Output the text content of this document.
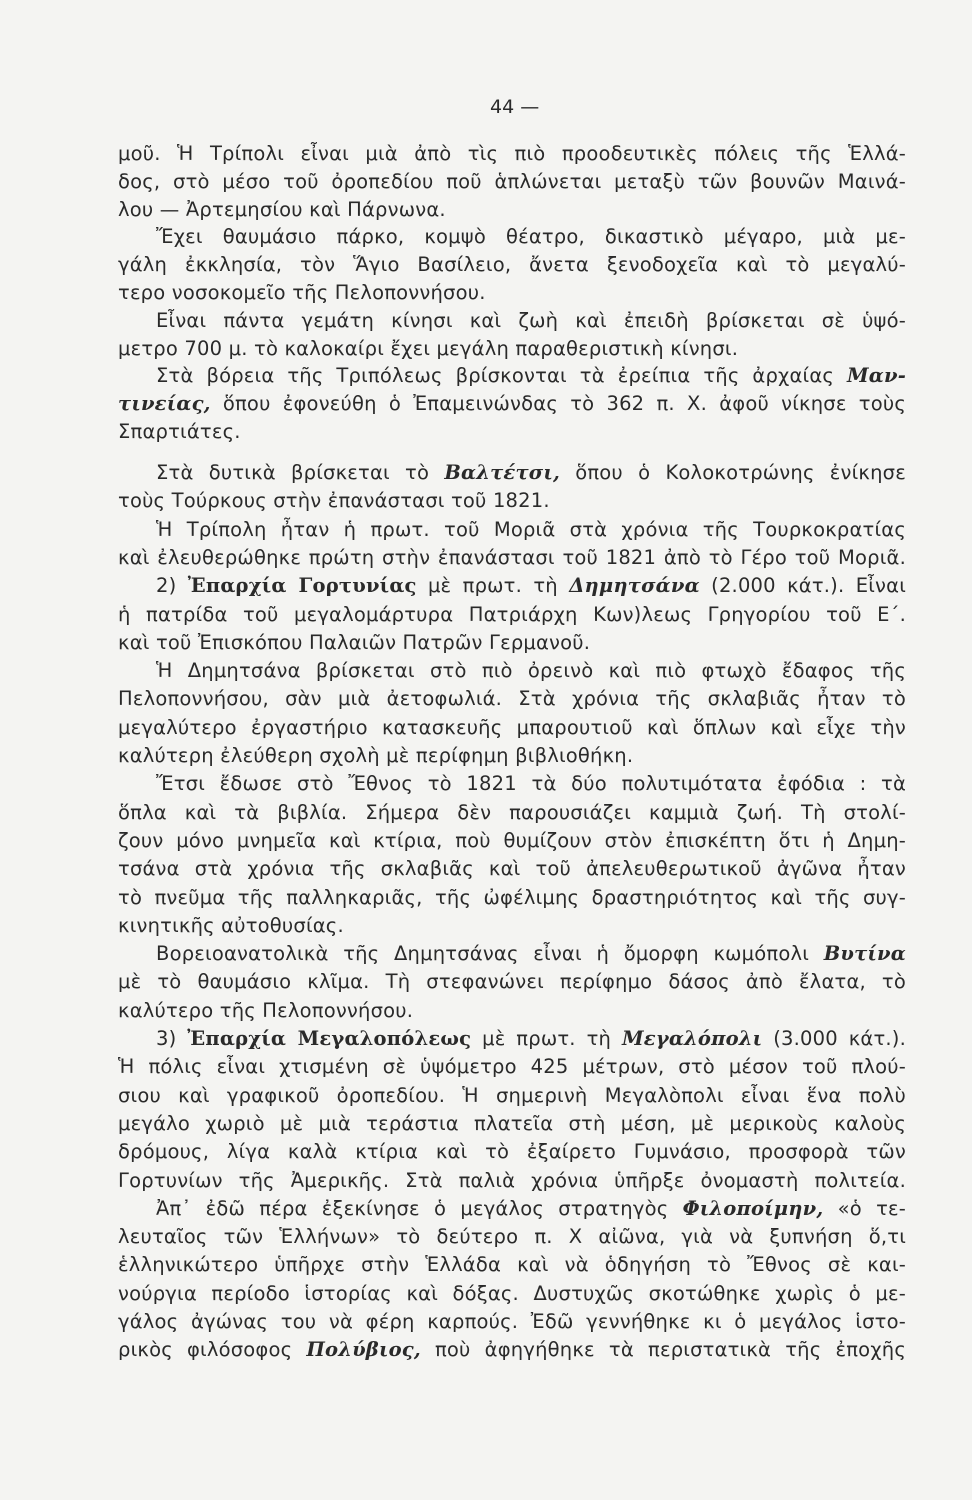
44 —
μοῦ. Ἡ Τρίπολι εἶναι μιὰ ἀπὸ τὶς πιὸ προοδευτικὲς πόλεις τῆς Ἑλλά-
δος, στὸ μέσο τοῦ ὀροπεδίου ποῦ ἁπλώνεται μεταξὺ τῶν βουνῶν Μαινά-
λου — Ἀρτεμησίου καὶ Πάρνωνα.
Ἔχει θαυμάσιο πάρκο, κομψὸ θέατρο, δικαστικὸ μέγαρο, μιὰ με-
γάλη ἐκκλησία, τὸν Ἅγιο Βασίλειο, ἄνετα ξενοδοχεῖα καὶ τὸ μεγαλύ-
τερο νοσοκομεῖο τῆς Πελοποννήσου.
Εἶναι πάντα γεμάτη κίνησι καὶ ζωὴ καὶ ἐπειδὴ βρίσκεται σὲ ὑψό-
μετρο 700 μ. τὸ καλοκαίρι ἔχει μεγάλη παραθεριστικὴ κίνησι.
Στὰ βόρεια τῆς Τριπόλεως βρίσκονται τὰ ἐρείπια τῆς ἀρχαίας Μαν-
τινείας, ὅπου ἐφονεύθη ὁ Ἐπαμεινώνδας τὸ 362 π. Χ. ἀφοῦ νίκησε τοὺς
Σπαρτιάτες.
Στὰ δυτικὰ βρίσκεται τὸ Βαλτέτσι, ὅπου ὁ Κολοκοτρώνης ἐνίκησε
τοὺς Τούρκους στὴν ἐπανάστασι τοῦ 1821.
Ἡ Τρίπολη ἦταν ἡ πρωτ. τοῦ Μοριᾶ στὰ χρόνια τῆς Τουρκοκρατίας
καὶ ἐλευθερώθηκε πρώτη στὴν ἐπανάστασι τοῦ 1821 ἀπὸ τὸ Γέρο τοῦ Μοριᾶ.
2) Ἐπαρχία Γορτυνίας μὲ πρωτ. τὴ Δημητσάνα (2.000 κάτ.). Εἶναι
ἡ πατρίδα τοῦ μεγαλομάρτυρα Πατριάρχη Κων)λεως Γρηγορίου τοῦ Ε΄.
καὶ τοῦ Ἐπισκόπου Παλαιῶν Πατρῶν Γερμανοῦ.
Ἡ Δημητσάνα βρίσκεται στὸ πιὸ ὀρεινὸ καὶ πιὸ φτωχὸ ἔδαφος τῆς
Πελοποννήσου, σὰν μιὰ ἀετοφωλιά. Στὰ χρόνια τῆς σκλαβιᾶς ἦταν τὸ
μεγαλύτερο ἐργαστήριο κατασκευῆς μπαρουτιοῦ καὶ ὅπλων καὶ εἶχε τὴν
καλύτερη ἐλεύθερη σχολὴ μὲ περίφημη βιβλιοθήκη.
Ἔτσι ἔδωσε στὸ Ἔθνος τὸ 1821 τὰ δύο πολυτιμότατα ἐφόδια : τὰ
ὅπλα καὶ τὰ βιβλία. Σήμερα δὲν παρουσιάζει καμμιὰ ζωή. Τὴ στολί-
ζουν μόνο μνημεῖα καὶ κτίρια, ποὺ θυμίζουν στὸν ἐπισκέπτη ὅτι ἡ Δημη-
τσάνα στὰ χρόνια τῆς σκλαβιᾶς καὶ τοῦ ἀπελευθερωτικοῦ ἀγῶνα ἦταν
τὸ πνεῦμα τῆς παλληκαριᾶς, τῆς ὠφέλιμης δραστηριότητος καὶ τῆς συγ-
κινητικῆς αὐτοθυσίας.
Βορειοανατολικὰ τῆς Δημητσάνας εἶναι ἡ ὄμορφη κωμόπολι Βυτίνα
μὲ τὸ θαυμάσιο κλῖμα. Τὴ στεφανώνει περίφημο δάσος ἀπὸ ἔλατα, τὸ
καλύτερο τῆς Πελοποννήσου.
3) Ἐπαρχία Μεγαλοπόλεως μὲ πρωτ. τὴ Μεγαλόπολι (3.000 κάτ.).
Ἡ πόλις εἶναι χτισμένη σὲ ὑψόμετρο 425 μέτρων, στὸ μέσον τοῦ πλού-
σιου καὶ γραφικοῦ ὀροπεδίου. Ἡ σημερινὴ Μεγαλὸπολι εἶναι ἕνα πολὺ
μεγάλο χωριὸ μὲ μιὰ τεράστια πλατεῖα στὴ μέση, μὲ μερικοὺς καλοὺς
δρόμους, λίγα καλὰ κτίρια καὶ τὸ ἐξαίρετο Γυμνάσιο, προσφορὰ τῶν
Γορτυνίων τῆς Ἀμερικῆς. Στὰ παλιὰ χρόνια ὑπῆρξε ὀνομαστὴ πολιτεία.
Ἀπ᾽ ἐδῶ πέρα ἐξεκίνησε ὁ μεγάλος στρατηγὸς Φιλοποίμην, «ὁ τε-
λευταῖος τῶν Ἑλλήνων» τὸ δεύτερο π. Χ αἰῶνα, γιὰ νὰ ξυπνήση ὅ,τι
ἑλληνικώτερο ὑπῆρχε στὴν Ἑλλάδα καὶ νὰ ὁδηγήση τὸ Ἔθνος σὲ και-
νούργια περίοδο ἱστορίας καὶ δόξας. Δυστυχῶς σκοτώθηκε χωρὶς ὁ με-
γάλος ἀγώνας του νὰ φέρη καρπούς. Ἐδῶ γεννήθηκε κι ὁ μεγάλος ἱστο-
ρικὸς φιλόσοφος Πολύβιος, ποὺ ἀφηγήθηκε τὰ περιστατικὰ τῆς ἐποχῆς
